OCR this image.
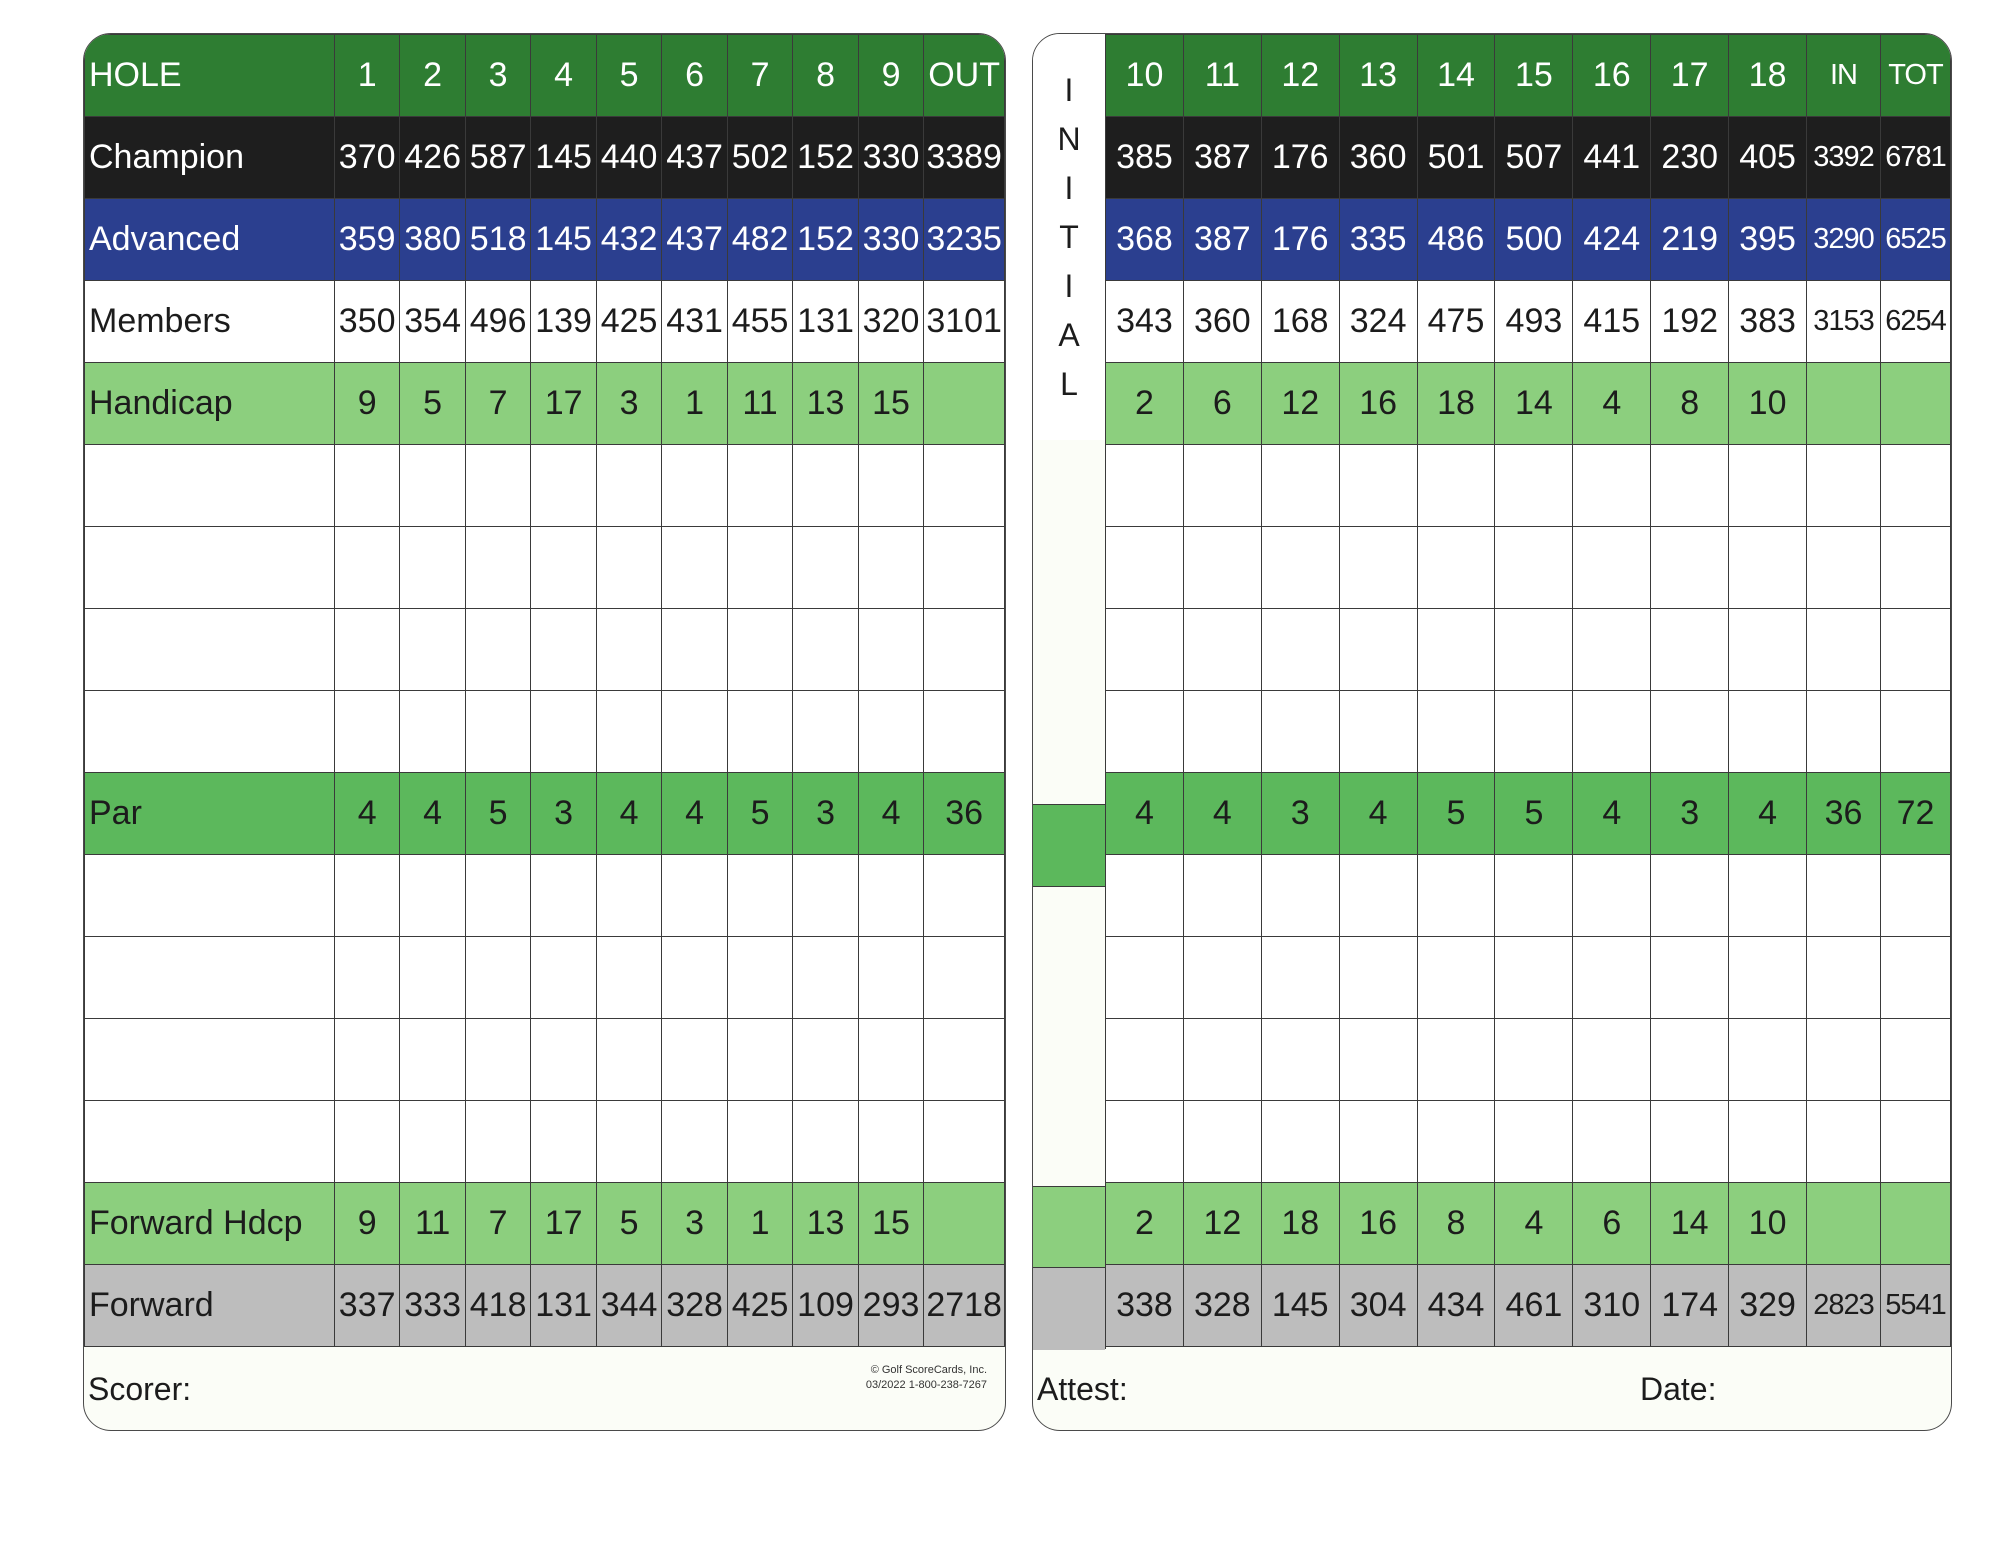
HOLE	1	2	3	4	5	6	7	8	9	OUT
Champion	370	426	587	145	440	437	502	152	330	3389
Advanced	359	380	518	145	432	437	482	152	330	3235
Members	350	354	496	139	425	431	455	131	320	3101
Handicap	9	5	7	17	3	1	11	13	15	

Par	4	4	5	3	4	4	5	3	4	36

Forward Hdcp	9	11	7	17	5	3	1	13	15	
Forward	337	333	418	131	344	328	425	109	293	2718
Scorer:
© Golf ScoreCards, Inc.
03/2022 1-800-238-7267
I
N
I
T
I
A
L
10	11	12	13	14	15	16	17	18	IN	TOT
385	387	176	360	501	507	441	230	405	3392	6781
368	387	176	335	486	500	424	219	395	3290	6525
343	360	168	324	475	493	415	192	383	3153	6254
2	6	12	16	18	14	4	8	10		

4	4	3	4	5	5	4	3	4	36	72

2	12	18	16	8	4	6	14	10		
338	328	145	304	434	461	310	174	329	2823	5541
Attest:	Date:
